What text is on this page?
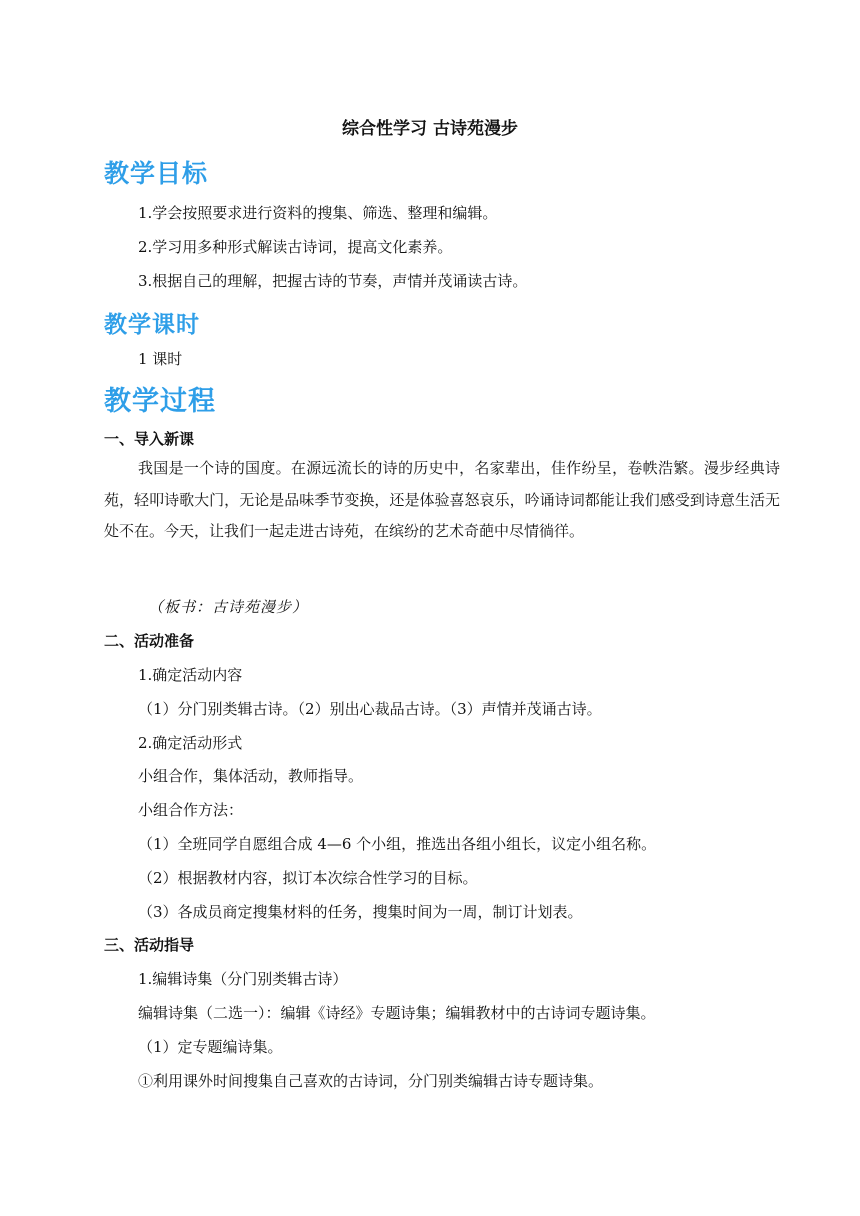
综合性学习 古诗苑漫步
教学目标
1.学会按照要求进行资料的搜集、筛选、整理和编辑。
2.学习用多种形式解读古诗词，提高文化素养。
3.根据自己的理解，把握古诗的节奏，声情并茂诵读古诗。
教学课时
1 课时
教学过程
一、导入新课
我国是一个诗的国度。在源远流长的诗的历史中，名家辈出，佳作纷呈，卷帙浩繁。漫步经典诗苑，轻叩诗歌大门，无论是品味季节变换，还是体验喜怒哀乐，吟诵诗词都能让我们感受到诗意生活无处不在。今天，让我们一起走进古诗苑，在缤纷的艺术奇葩中尽情徜徉。
（板书：古诗苑漫步）
二、活动准备
1.确定活动内容
（1）分门别类辑古诗。（2）别出心裁品古诗。（3）声情并茂诵古诗。
2.确定活动形式
小组合作，集体活动，教师指导。
小组合作方法：
（1）全班同学自愿组合成 4—6 个小组，推选出各组小组长，议定小组名称。
（2）根据教材内容，拟订本次综合性学习的目标。
（3）各成员商定搜集材料的任务，搜集时间为一周，制订计划表。
三、活动指导
1.编辑诗集（分门别类辑古诗）
编辑诗集（二选一）：编辑《诗经》专题诗集；编辑教材中的古诗词专题诗集。
（1）定专题编诗集。
①利用课外时间搜集自己喜欢的古诗词，分门别类编辑古诗专题诗集。
